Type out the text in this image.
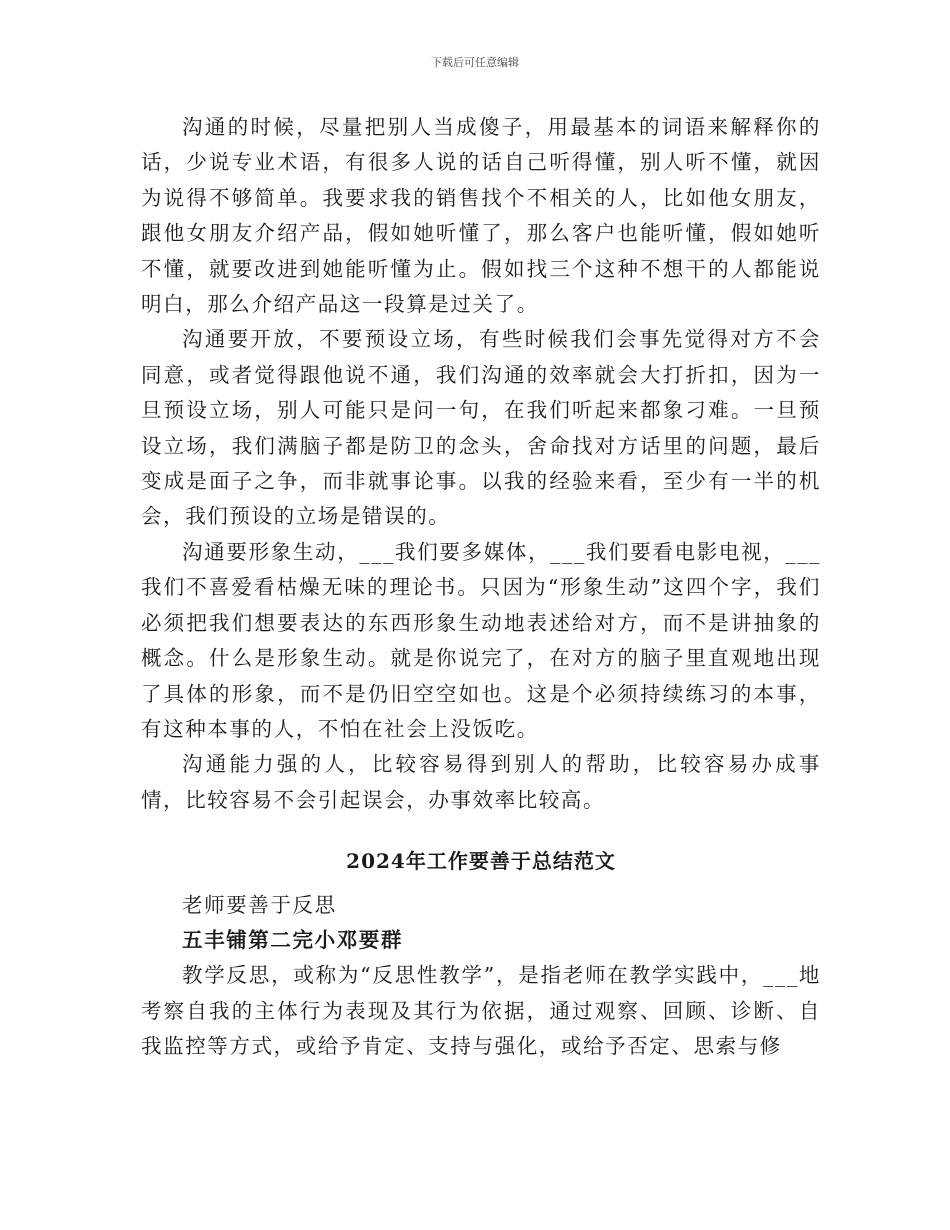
下载后可任意编辑

沟通的时候，尽量把别人当成傻子，用最基本的词语来解释你的话，少说专业术语，有很多人说的话自己听得懂，别人听不懂，就因为说得不够简单。我要求我的销售找个不相关的人，比如他女朋友，跟他女朋友介绍产品，假如她听懂了，那么客户也能听懂，假如她听不懂，就要改进到她能听懂为止。假如找三个这种不想干的人都能说明白，那么介绍产品这一段算是过关了。

沟通要开放，不要预设立场，有些时候我们会事先觉得对方不会同意，或者觉得跟他说不通，我们沟通的效率就会大打折扣，因为一旦预设立场，别人可能只是问一句，在我们听起来都象刁难。一旦预设立场，我们满脑子都是防卫的念头，舍命找对方话里的问题，最后变成是面子之争，而非就事论事。以我的经验来看，至少有一半的机会，我们预设的立场是错误的。

沟通要形象生动，___我们要多媒体，___我们要看电影电视，___我们不喜爱看枯燥无味的理论书。只因为“形象生动”这四个字，我们必须把我们想要表达的东西形象生动地表述给对方，而不是讲抽象的概念。什么是形象生动。就是你说完了，在对方的脑子里直观地出现了具体的形象，而不是仍旧空空如也。这是个必须持续练习的本事，有这种本事的人，不怕在社会上没饭吃。

沟通能力强的人，比较容易得到别人的帮助，比较容易办成事情，比较容易不会引起误会，办事效率比较高。

2024年工作要善于总结范文

老师要善于反思

五丰铺第二完小邓要群

教学反思，或称为“反思性教学”，是指老师在教学实践中，___地考察自我的主体行为表现及其行为依据，通过观察、回顾、诊断、自我监控等方式，或给予肯定、支持与强化，或给予否定、思索与修
